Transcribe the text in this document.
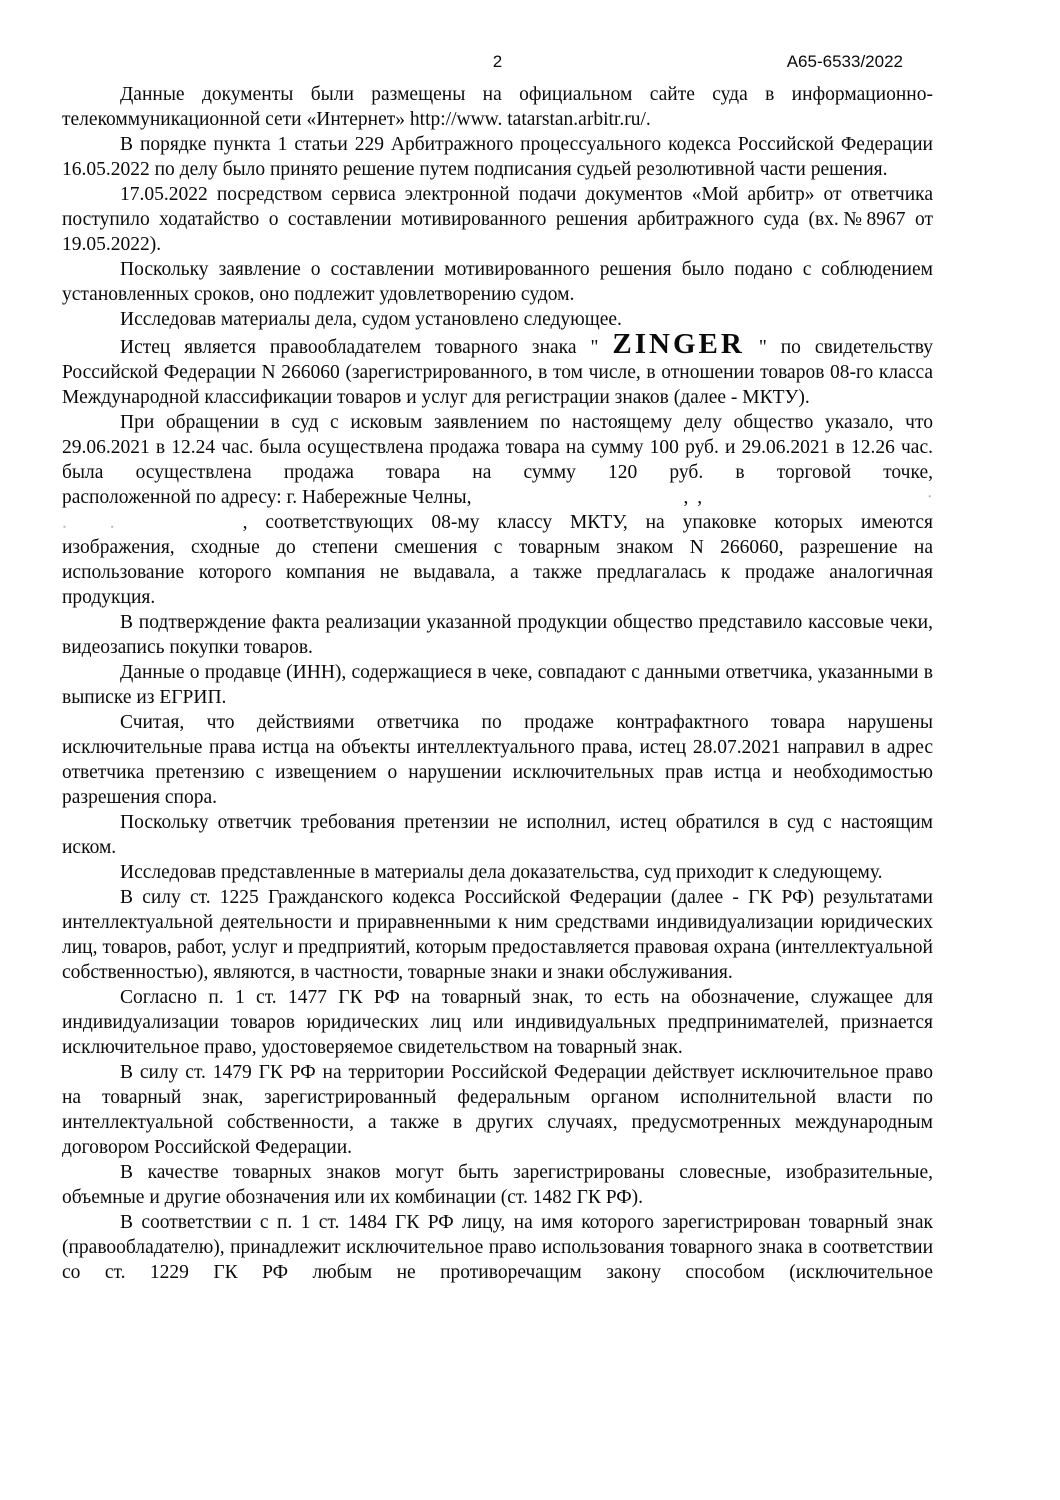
2	А65-6533/2022

Данные документы были размещены на официальном сайте суда в информационно-телекоммуникационной сети «Интернет» http://www. tatarstan.arbitr.ru/.

В порядке пункта 1 статьи 229 Арбитражного процессуального кодекса Российской Федерации 16.05.2022 по делу было принято решение путем подписания судьей резолютивной части решения.

17.05.2022 посредством сервиса электронной подачи документов «Мой арбитр» от ответчика поступило ходатайство о составлении мотивированного решения арбитражного суда (вх.№8967 от 19.05.2022).

Поскольку заявление о составлении мотивированного решения было подано с соблюдением установленных сроков, оно подлежит удовлетворению судом.

Исследовав материалы дела, судом установлено следующее.

Истец является правообладателем товарного знака " ZINGER " по свидетельству Российской Федерации N 266060 (зарегистрированного, в том числе, в отношении товаров 08-го класса Международной классификации товаров и услуг для регистрации знаков (далее - МКТУ).

При обращении в суд с исковым заявлением по настоящему делу общество указало, что 29.06.2021 в 12.24 час. была осуществлена продажа товара на сумму 100 руб. и 29.06.2021 в 12.26 час. была осуществлена продажа товара на сумму 120 руб. в торговой точке,

расположенной по адресу: г. Набережные Челны,	, ,	·
. .	, соответствующих 08-му классу МКТУ, на упаковке которых имеются

изображения, сходные до степени смешения с товарным знаком N 266060, разрешение на использование которого компания не выдавала, а также предлагалась к продаже аналогичная продукция.

В подтверждение факта реализации указанной продукции общество представило кассовые чеки, видеозапись покупки товаров.

Данные о продавце (ИНН), содержащиеся в чеке, совпадают с данными ответчика, указанными в выписке из ЕГРИП.

Считая, что действиями ответчика по продаже контрафактного товара нарушены исключительные права истца на объекты интеллектуального права, истец 28.07.2021 направил в адрес ответчика претензию с извещением о нарушении исключительных прав истца и необходимостью разрешения спора.

Поскольку ответчик требования претензии не исполнил, истец обратился в суд с настоящим иском.

Исследовав представленные в материалы дела доказательства, суд приходит к следующему.

В силу ст. 1225 Гражданского кодекса Российской Федерации (далее - ГК РФ) результатами интеллектуальной деятельности и приравненными к ним средствами индивидуализации юридических лиц, товаров, работ, услуг и предприятий, которым предоставляется правовая охрана (интеллектуальной собственностью), являются, в частности, товарные знаки и знаки обслуживания.

Согласно п. 1 ст. 1477 ГК РФ на товарный знак, то есть на обозначение, служащее для индивидуализации товаров юридических лиц или индивидуальных предпринимателей, признается исключительное право, удостоверяемое свидетельством на товарный знак.

В силу ст. 1479 ГК РФ на территории Российской Федерации действует исключительное право на товарный знак, зарегистрированный федеральным органом исполнительной власти по интеллектуальной собственности, а также в других случаях, предусмотренных международным договором Российской Федерации.

В качестве товарных знаков могут быть зарегистрированы словесные, изобразительные, объемные и другие обозначения или их комбинации (ст. 1482 ГК РФ).

В соответствии с п. 1 ст. 1484 ГК РФ лицу, на имя которого зарегистрирован товарный знак (правообладателю), принадлежит исключительное право использования товарного знака в соответствии со ст. 1229 ГК РФ любым не противоречащим закону способом (исключительное
